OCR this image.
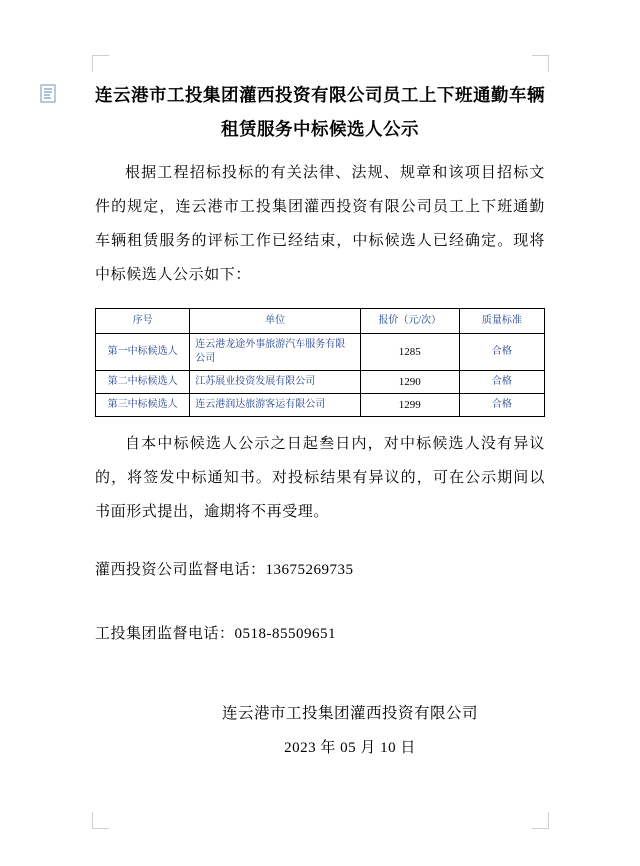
连云港市工投集团灌西投资有限公司员工上下班通勤车辆
租赁服务中标候选人公示

根据工程招标投标的有关法律、法规、规章和该项目招标文件的规定，连云港市工投集团灌西投资有限公司员工上下班通勤车辆租赁服务的评标工作已经结束，中标候选人已经确定。现将中标候选人公示如下：

序号	单位	报价（元/次）	质量标准
第一中标候选人	连云港龙途外事旅游汽车服务有限公司	1285	合格
第二中标候选人	江苏展业投资发展有限公司	1290	合格
第三中标候选人	连云港润达旅游客运有限公司	1299	合格

自本中标候选人公示之日起叁日内，对中标候选人没有异议的，将签发中标通知书。对投标结果有异议的，可在公示期间以书面形式提出，逾期将不再受理。

灌西投资公司监督电话：13675269735

工投集团监督电话：0518-85509651

连云港市工投集团灌西投资有限公司
2023 年 05 月 10 日
